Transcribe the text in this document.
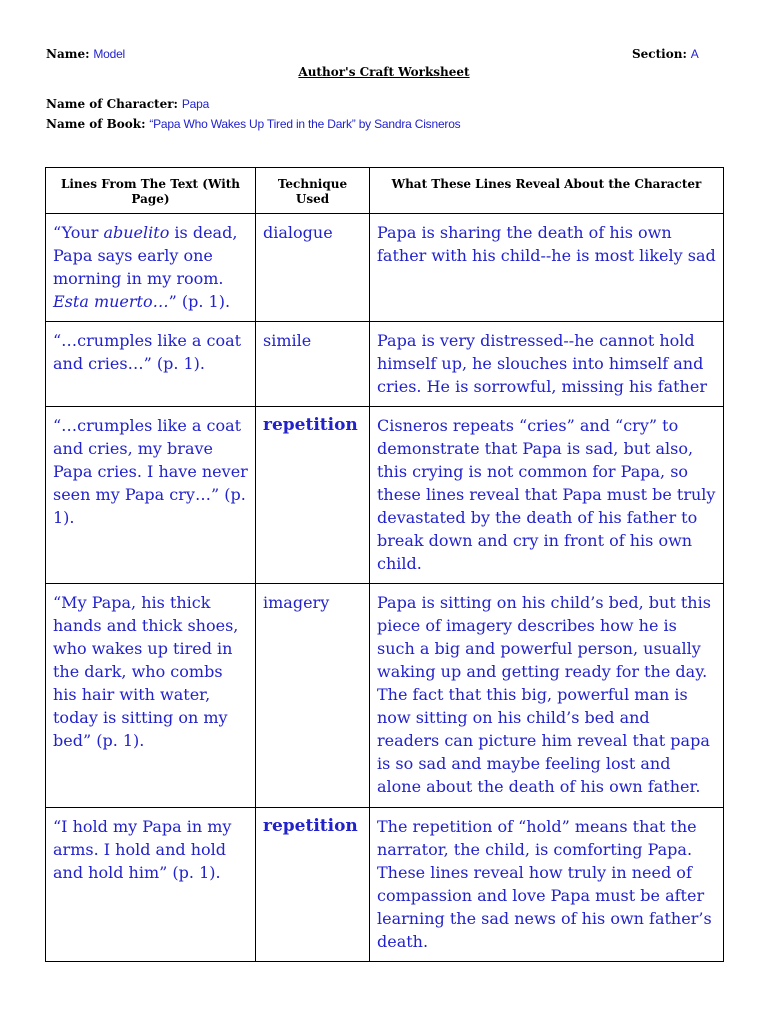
Name: Model	Section: A
Author's Craft Worksheet
Name of Character: Papa
Name of Book: “Papa Who Wakes Up Tired in the Dark” by Sandra Cisneros
Lines From The Text (With Page)	Technique Used	What These Lines Reveal About the Character
“Your abuelito is dead, Papa says early one morning in my room. Esta muerto…” (p. 1).	dialogue	Papa is sharing the death of his own father with his child--he is most likely sad
“…crumples like a coat and cries…” (p. 1).	simile	Papa is very distressed--he cannot hold himself up, he slouches into himself and cries. He is sorrowful, missing his father
“…crumples like a coat and cries, my brave Papa cries. I have never seen my Papa cry…” (p. 1).	repetition	Cisneros repeats “cries” and “cry” to demonstrate that Papa is sad, but also, this crying is not common for Papa, so these lines reveal that Papa must be truly devastated by the death of his father to break down and cry in front of his own child.
“My Papa, his thick hands and thick shoes, who wakes up tired in the dark, who combs his hair with water, today is sitting on my bed” (p. 1).	imagery	Papa is sitting on his child’s bed, but this piece of imagery describes how he is such a big and powerful person, usually waking up and getting ready for the day. The fact that this big, powerful man is now sitting on his child’s bed and readers can picture him reveal that papa is so sad and maybe feeling lost and alone about the death of his own father.
“I hold my Papa in my arms. I hold and hold and hold him” (p. 1).	repetition	The repetition of “hold” means that the narrator, the child, is comforting Papa. These lines reveal how truly in need of compassion and love Papa must be after learning the sad news of his own father’s death.
